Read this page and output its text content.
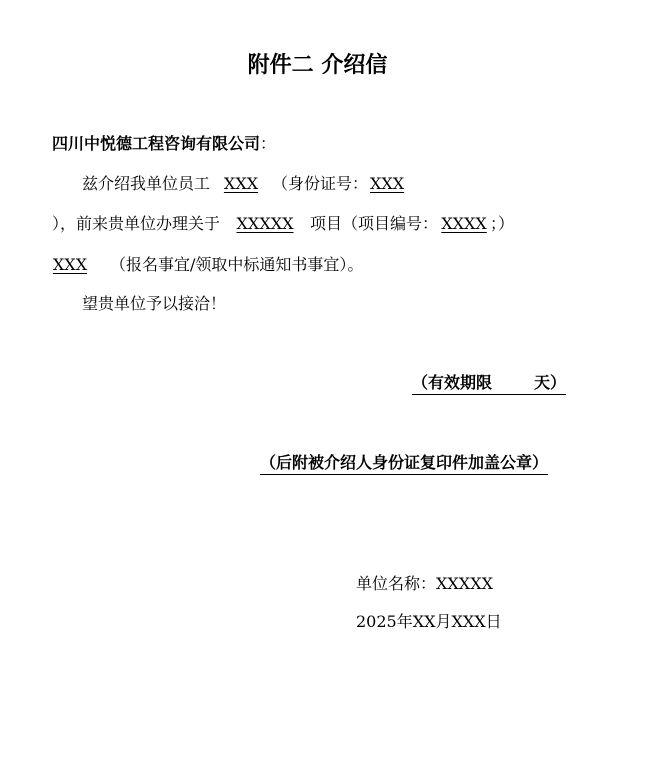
附件二 介绍信
四川中悦德工程咨询有限公司：
兹介绍我单位员工 XXX （身份证号： XXX
），前来贵单位办理关于 XXXXX 项目（项目编号： XXXX ；）
XXX （报名事宜/领取中标通知书事宜）。
望贵单位予以接洽！
（有效期限	天）
（后附被介绍人身份证复印件加盖公章）
单位名称：XXXXX
2025年XX月XXX日
